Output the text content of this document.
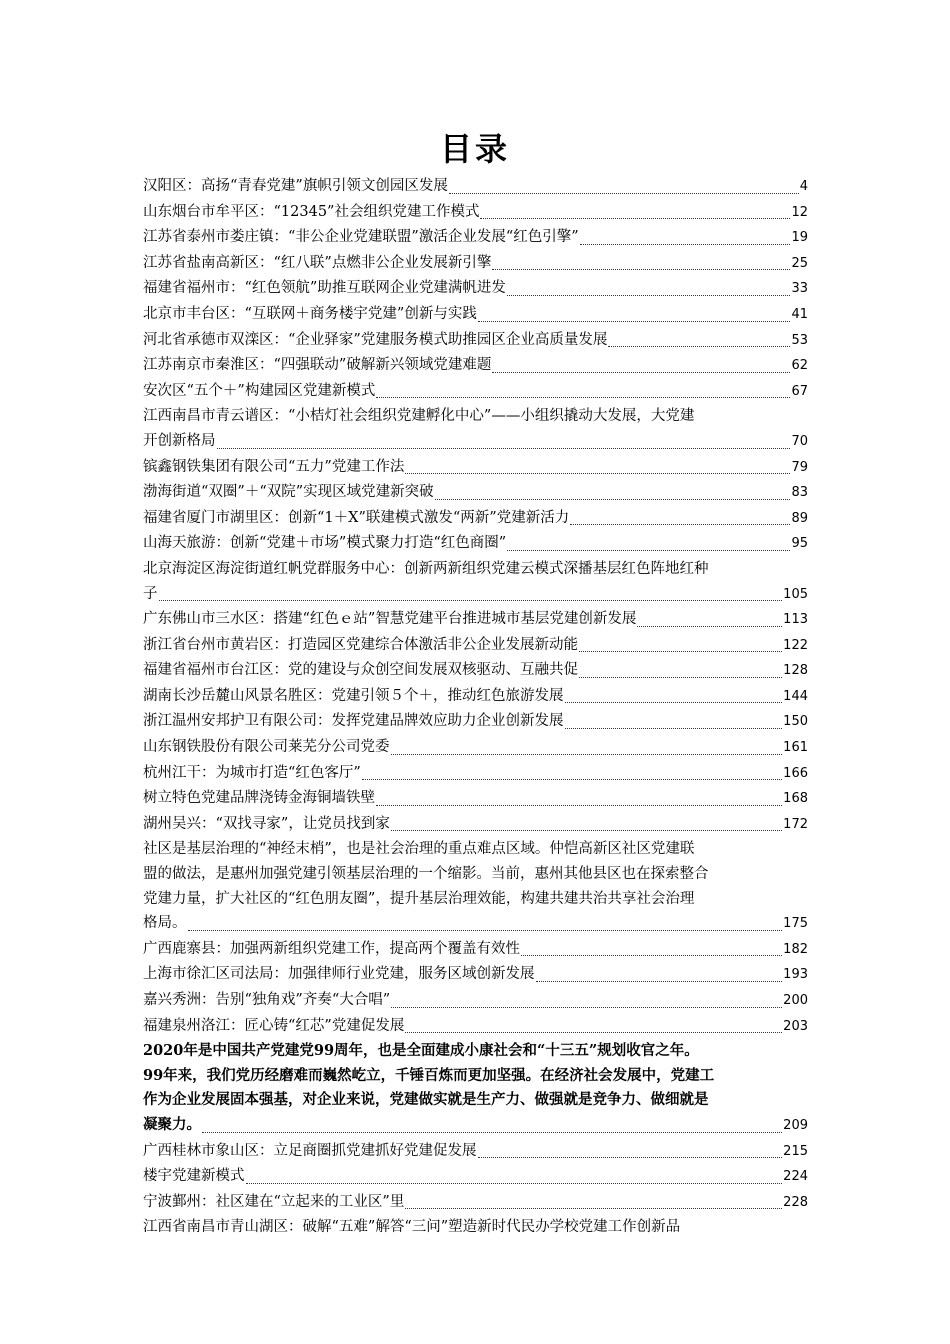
目录
汉阳区：高扬“青春党建”旗帜引领文创园区发展	4
山东烟台市牟平区：“12345”社会组织党建工作模式	12
江苏省泰州市娄庄镇：“非公企业党建联盟”激活企业发展“红色引擎”	19
江苏省盐南高新区：“红八联”点燃非公企业发展新引擎	25
福建省福州市：“红色领航”助推互联网企业党建满帆进发	33
北京市丰台区：“互联网＋商务楼宇党建”创新与实践	41
河北省承德市双滦区：“企业驿家”党建服务模式助推园区企业高质量发展	53
江苏南京市秦淮区：“四强联动”破解新兴领域党建难题	62
安次区“五个＋”构建园区党建新模式	67
江西南昌市青云谱区：“小桔灯社会组织党建孵化中心”——小组织撬动大发展，大党建
开创新格局	70
镔鑫钢铁集团有限公司“五力”党建工作法	79
渤海街道“双圈”＋“双院”实现区域党建新突破	83
福建省厦门市湖里区：创新“1＋X”联建模式激发“两新”党建新活力	89
山海天旅游：创新“党建＋市场”模式聚力打造“红色商圈”	95
北京海淀区海淀街道红帆党群服务中心：创新两新组织党建云模式深播基层红色阵地红种
子	105
广东佛山市三水区：搭建“红色ｅ站”智慧党建平台推进城市基层党建创新发展	113
浙江省台州市黄岩区：打造园区党建综合体激活非公企业发展新动能	122
福建省福州市台江区：党的建设与众创空间发展双核驱动、互融共促	128
湖南长沙岳麓山风景名胜区：党建引领５个＋，推动红色旅游发展	144
浙江温州安邦护卫有限公司：发挥党建品牌效应助力企业创新发展	150
山东钢铁股份有限公司莱芜分公司党委	161
杭州江干：为城市打造“红色客厅”	166
树立特色党建品牌浇铸金海铜墙铁壁	168
湖州吴兴：“双找寻家”，让党员找到家	172
社区是基层治理的“神经末梢”，也是社会治理的重点难点区域。仲恺高新区社区党建联
盟的做法，是惠州加强党建引领基层治理的一个缩影。当前，惠州其他县区也在探索整合
党建力量，扩大社区的“红色朋友圈”，提升基层治理效能，构建共建共治共享社会治理
格局。	175
广西鹿寨县：加强两新组织党建工作，提高两个覆盖有效性	182
上海市徐汇区司法局：加强律师行业党建，服务区域创新发展	193
嘉兴秀洲：告别“独角戏”齐奏“大合唱”	200
福建泉州洛江：匠心铸“红芯”党建促发展	203
2020年是中国共产党建党99周年，也是全面建成小康社会和“十三五”规划收官之年。
99年来，我们党历经磨难而巍然屹立，千锤百炼而更加坚强。在经济社会发展中，党建工
作为企业发展固本强基，对企业来说，党建做实就是生产力、做强就是竞争力、做细就是
凝聚力。	209
广西桂林市象山区：立足商圈抓党建抓好党建促发展	215
楼宇党建新模式	224
宁波鄞州：社区建在“立起来的工业区”里	228
江西省南昌市青山湖区：破解“五难”解答“三问”塑造新时代民办学校党建工作创新品
